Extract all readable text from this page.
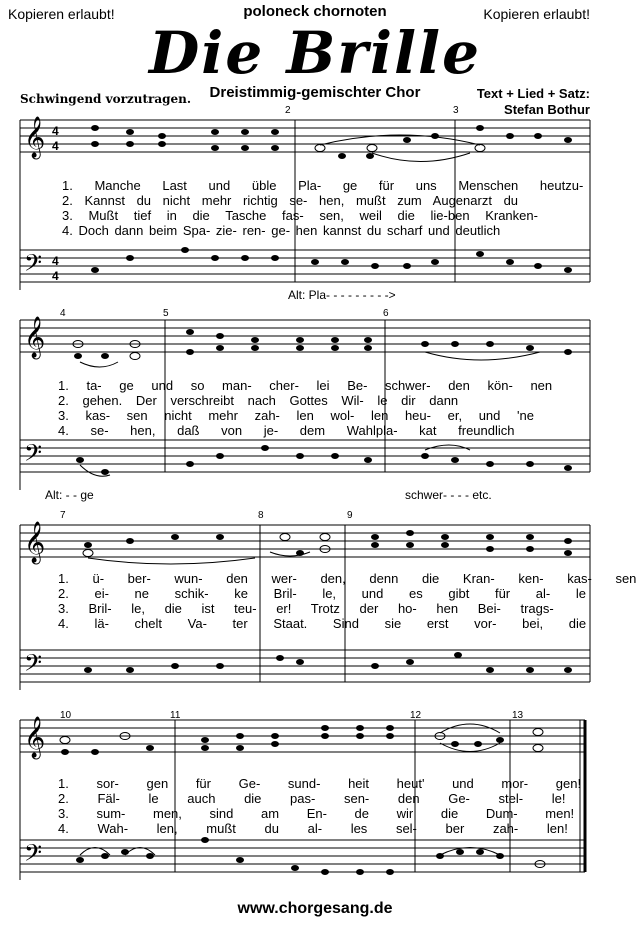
Kopieren erlaubt!	poloneck chornoten	Kopieren erlaubt!
Die Brille
Dreistimmig-gemischter Chor	Text + Lied + Satz:
Stefan Bothur
Schwingend vorzutragen.
𝄞
𝄢
4
4
4
4
2	3
1. Manche Last und üble Pla- ge für uns Menschen heutzu-
2. Kannst du nicht mehr richtig se- hen, mußt zum Augenarzt du
3. Mußt tief in die Tasche fas- sen, weil die lie-ben Kranken-
4. Doch dann beim Spa- zie- ren- ge- hen kannst du scharf und deutlich
Alt: Pla- - - - - - - - ->
𝄞
𝄢
4	5	6
1. ta- ge und so man- cher- lei Be- schwer- den kön- nen
2. gehen. Der verschreibt nach Gottes Wil- le dir dann
3. kas- sen nicht mehr zah- len wol- len heu- er, und 'ne
4. se- hen, daß von je- dem Wahlpla- kat freundlich
Alt: - - ge	schwer- - - - etc.
𝄞
𝄢
7	8	9
1. ü- ber- wun- den wer- den, denn die Kran- ken- kas- sen
2. ei- ne schik- ke Bril- le, und es gibt für al- le
3. Bril- le, die ist teu- er! Trotz der ho- hen Bei- trags-
4. lä- chelt Va- ter Staat. Sind sie erst vor- bei, die
𝄞
𝄢
10	11	12	13
1. sor- gen für Ge- sund- heit heut' und mor- gen!
2. Fäl- le auch die pas- sen- den Ge- stel- le!
3. sum- men, sind am En- de wir die Dum- men!
4. Wah- len, mußt du al- les sel- ber zah- len!
www.chorgesang.de
